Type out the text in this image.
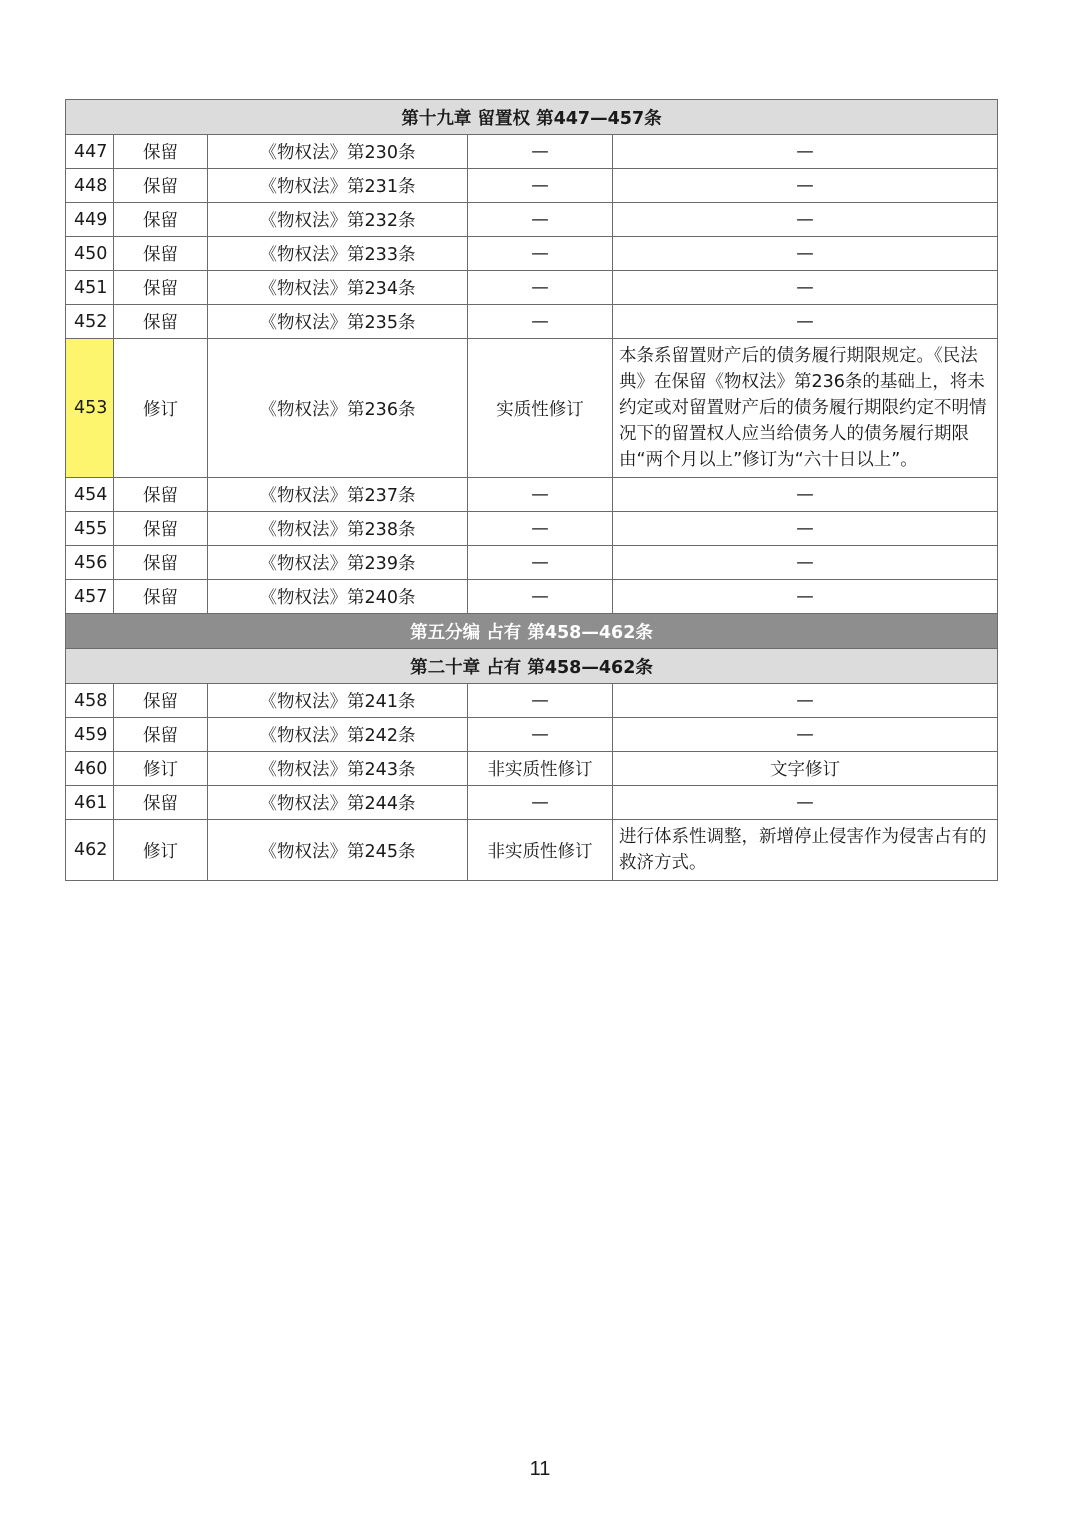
第十九章 留置权 第447—457条				
447	保留	《物权法》第230条	—	—
448	保留	《物权法》第231条	—	—
449	保留	《物权法》第232条	—	—
450	保留	《物权法》第233条	—	—
451	保留	《物权法》第234条	—	—
452	保留	《物权法》第235条	—	—
453	修订	《物权法》第236条	实质性修订	本条系留置财产后的债务履行期限规定。《民法典》在保留《物权法》第236条的基础上，将未约定或对留置财产后的债务履行期限约定不明情况下的留置权人应当给债务人的债务履行期限由“两个月以上”修订为“六十日以上”。
454	保留	《物权法》第237条	—	—
455	保留	《物权法》第238条	—	—
456	保留	《物权法》第239条	—	—
457	保留	《物权法》第240条	—	—
第五分编 占有 第458—462条				
第二十章 占有 第458—462条				
458	保留	《物权法》第241条	—	—
459	保留	《物权法》第242条	—	—
460	修订	《物权法》第243条	非实质性修订	文字修订
461	保留	《物权法》第244条	—	—
462	修订	《物权法》第245条	非实质性修订	进行体系性调整，新增停止侵害作为侵害占有的救济方式。
11
